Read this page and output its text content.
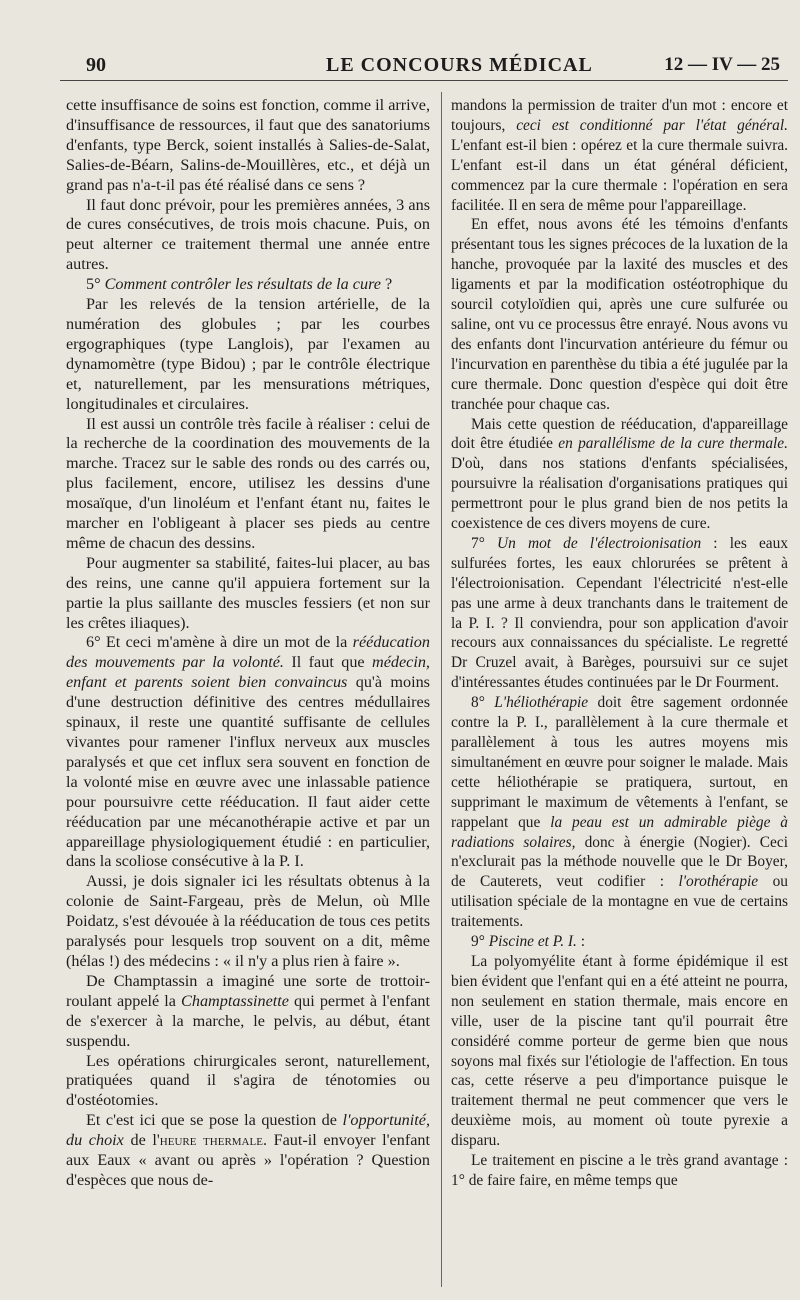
90	LE CONCOURS MÉDICAL	12 — IV — 25

cette insuffisance de soins est fonction, comme il arrive, d'insuffisance de ressources, il faut que des sanatoriums d'enfants, type Berck, soient installés à Salies-de-Salat, Salies-de-Béarn, Salins-de-Mouillères, etc., et déjà un grand pas n'a-t-il pas été réalisé dans ce sens ?

Il faut donc prévoir, pour les premières années, 3 ans de cures consécutives, de trois mois chacune. Puis, on peut alterner ce traitement thermal une année entre autres.

5° Comment contrôler les résultats de la cure ?

Par les relevés de la tension artérielle, de la numération des globules ; par les courbes ergographiques (type Langlois), par l'examen au dynamomètre (type Bidou) ; par le contrôle électrique et, naturellement, par les mensurations métriques, longitudinales et circulaires.

Il est aussi un contrôle très facile à réaliser : celui de la recherche de la coordination des mouvements de la marche. Tracez sur le sable des ronds ou des carrés ou, plus facilement, encore, utilisez les dessins d'une mosaïque, d'un linoléum et l'enfant étant nu, faites le marcher en l'obligeant à placer ses pieds au centre même de chacun des dessins.

Pour augmenter sa stabilité, faites-lui placer, au bas des reins, une canne qu'il appuiera fortement sur la partie la plus saillante des muscles fessiers (et non sur les crêtes iliaques).

6° Et ceci m'amène à dire un mot de la rééducation des mouvements par la volonté. Il faut que médecin, enfant et parents soient bien convaincus qu'à moins d'une destruction définitive des centres médullaires spinaux, il reste une quantité suffisante de cellules vivantes pour ramener l'influx nerveux aux muscles paralysés et que cet influx sera souvent en fonction de la volonté mise en œuvre avec une inlassable patience pour poursuivre cette rééducation. Il faut aider cette rééducation par une mécanothérapie active et par un appareillage physiologiquement étudié : en particulier, dans la scoliose consécutive à la P. I.

Aussi, je dois signaler ici les résultats obtenus à la colonie de Saint-Fargeau, près de Melun, où Mlle Poidatz, s'est dévouée à la rééducation de tous ces petits paralysés pour lesquels trop souvent on a dit, même (hélas !) des médecins : « il n'y a plus rien à faire ».

De Champtassin a imaginé une sorte de trottoir-roulant appelé la Champtassinette qui permet à l'enfant de s'exercer à la marche, le pelvis, au début, étant suspendu.

Les opérations chirurgicales seront, naturellement, pratiquées quand il s'agira de ténotomies ou d'ostéotomies.

Et c'est ici que se pose la question de l'opportunité, du choix de l'heure thermale. Faut-il envoyer l'enfant aux Eaux « avant ou après » l'opération ? Question d'espèces que nous de-

mandons la permission de traiter d'un mot : encore et toujours, ceci est conditionné par l'état général. L'enfant est-il bien : opérez et la cure thermale suivra. L'enfant est-il dans un état général déficient, commencez par la cure thermale : l'opération en sera facilitée. Il en sera de même pour l'appareillage.

En effet, nous avons été les témoins d'enfants présentant tous les signes précoces de la luxation de la hanche, provoquée par la laxité des muscles et des ligaments et par la modification ostéotrophique du sourcil cotyloïdien qui, après une cure sulfurée ou saline, ont vu ce processus être enrayé. Nous avons vu des enfants dont l'incurvation antérieure du fémur ou l'incurvation en parenthèse du tibia a été jugulée par la cure thermale. Donc question d'espèce qui doit être tranchée pour chaque cas.

Mais cette question de rééducation, d'appareillage doit être étudiée en parallélisme de la cure thermale. D'où, dans nos stations d'enfants spécialisées, poursuivre la réalisation d'organisations pratiques qui permettront pour le plus grand bien de nos petits la coexistence de ces divers moyens de cure.

7° Un mot de l'électroionisation : les eaux sulfurées fortes, les eaux chlorurées se prêtent à l'électroionisation. Cependant l'électricité n'est-elle pas une arme à deux tranchants dans le traitement de la P. I. ? Il conviendra, pour son application d'avoir recours aux connaissances du spécialiste. Le regretté Dr Cruzel avait, à Barèges, poursuivi sur ce sujet d'intéressantes études continuées par le Dr Fourment.

8° L'héliothérapie doit être sagement ordonnée contre la P. I., parallèlement à la cure thermale et parallèlement à tous les autres moyens mis simultanément en œuvre pour soigner le malade. Mais cette héliothérapie se pratiquera, surtout, en supprimant le maximum de vêtements à l'enfant, se rappelant que la peau est un admirable piège à radiations solaires, donc à énergie (Nogier). Ceci n'exclurait pas la méthode nouvelle que le Dr Boyer, de Cauterets, veut codifier : l'orothérapie ou utilisation spéciale de la montagne en vue de certains traitements.

9° Piscine et P. I. :

La polyomyélite étant à forme épidémique il est bien évident que l'enfant qui en a été atteint ne pourra, non seulement en station thermale, mais encore en ville, user de la piscine tant qu'il pourrait être considéré comme porteur de germe bien que nous soyons mal fixés sur l'étiologie de l'affection. En tous cas, cette réserve a peu d'importance puisque le traitement thermal ne peut commencer que vers le deuxième mois, au moment où toute pyrexie a disparu.

Le traitement en piscine a le très grand avantage : 1° de faire faire, en même temps que
